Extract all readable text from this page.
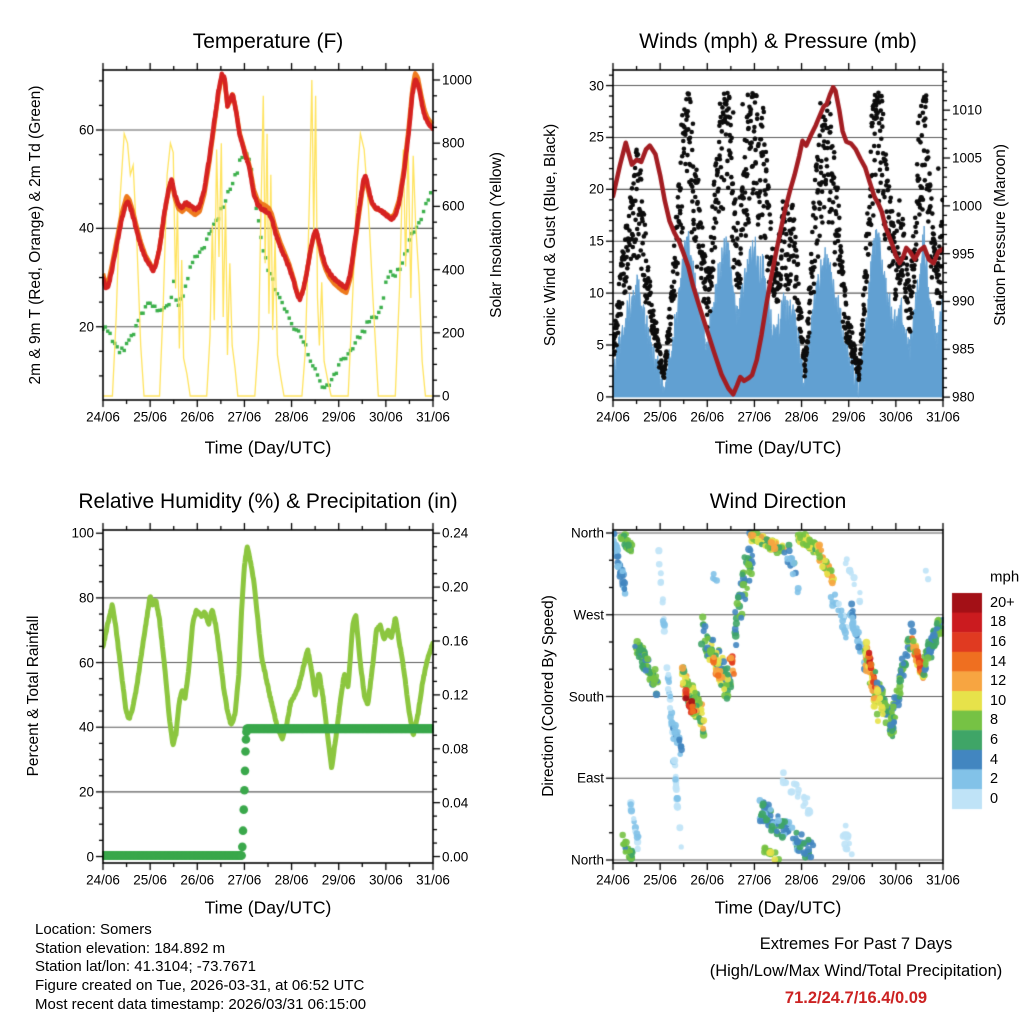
Temperature (F)	Winds (mph) & Pressure (mb)
Relative Humidity (%) & Precipitation (in)	Wind Direction
Time (Day/UTC)	Time (Day/UTC)
Time (Day/UTC)	Time (Day/UTC)
2m & 9m T (Red, Orange) & 2m Td (Green)	Solar Insolation (Yellow) Sonic Wind & Gust (Blue, Black)	Station Pressure (Maroon)
Percent & Total Rainfall	Direction (Colored By Speed)
mph
24/06 25/06 26/06 27/06 28/06 29/06 30/06 31/06
20
40
60
0
200
400
600
800
1000
24/06 25/06 26/06 27/06 28/06 29/06 30/06 31/06
0
5
10
15
20
25
30
980
985
990
995
1000
1005
1010
24/06 25/06 26/06 27/06 28/06 29/06 30/06 31/06
0
20
40
60
80
100
0.00
0.04
0.08
0.12
0.16
0.20
0.24
24/06 25/06 26/06 27/06 28/06 29/06 30/06 31/06
North
West
South
East
North
20+
18
16
14
12
10
8
6
4
2
0
Location: Somers
Station elevation: 184.892 m
Station lat/lon: 41.3104; -73.7671
Figure created on Tue, 2026-03-31, at 06:52 UTC
Most recent data timestamp: 2026/03/31 06:15:00
Extremes For Past 7 Days
(High/Low/Max Wind/Total Precipitation)
71.2/24.7/16.4/0.09
